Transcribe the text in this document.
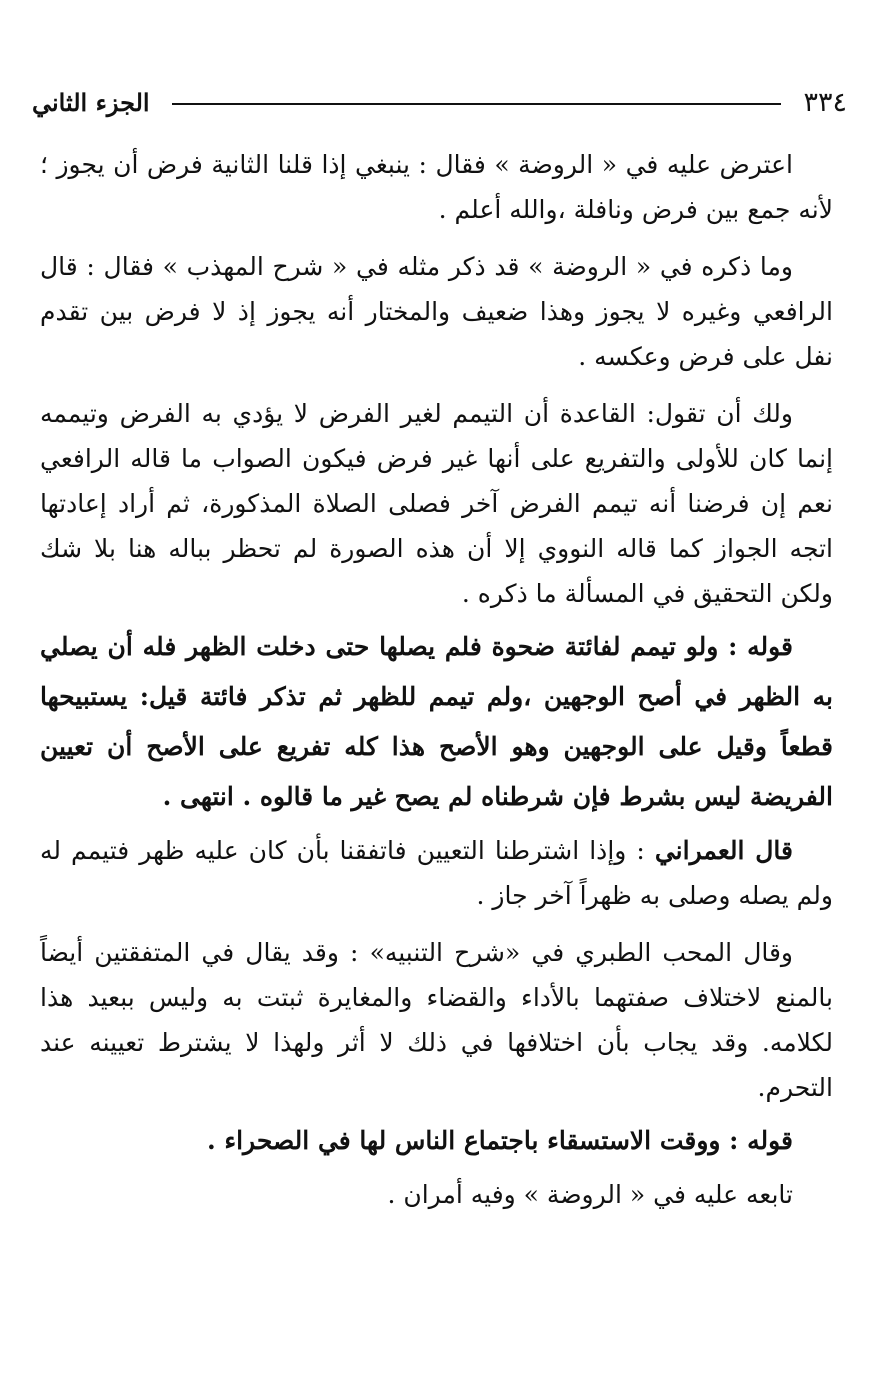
٣٣٤
الجزء الثاني

اعترض عليه في « الروضة » فقال : ينبغي إذا قلنا الثانية فرض أن يجوز ؛ لأنه جمع بين فرض ونافلة ،والله أعلم .

وما ذكره في « الروضة » قد ذكر مثله في « شرح المهذب » فقال : قال الرافعي وغيره لا يجوز وهذا ضعيف والمختار أنه يجوز إذ لا فرض بين تقدم نفل على فرض وعكسه .

ولك أن تقول: القاعدة أن التيمم لغير الفرض لا يؤدي به الفرض وتيممه إنما كان للأولى والتفريع على أنها غير فرض فيكون الصواب ما قاله الرافعي نعم إن فرضنا أنه تيمم الفرض آخر فصلى الصلاة المذكورة، ثم أراد إعادتها اتجه الجواز كما قاله النووي إلا أن هذه الصورة لم تحظر بباله هنا بلا شك ولكن التحقيق في المسألة ما ذكره .

قوله : ولو تيمم لفائتة ضحوة فلم يصلها حتى دخلت الظهر فله أن يصلي به الظهر في أصح الوجهين ،ولم تيمم للظهر ثم تذكر فائتة قيل: يستبيحها قطعاً وقيل على الوجهين وهو الأصح هذا كله تفريع على الأصح أن تعيين الفريضة ليس بشرط فإن شرطناه لم يصح غير ما قالوه . انتهى .

قال العمراني : وإذا اشترطنا التعيين فاتفقنا بأن كان عليه ظهر فتيمم له ولم يصله وصلى به ظهراً آخر جاز .

وقال المحب الطبري في «شرح التنبيه» : وقد يقال في المتفقتين أيضاً بالمنع لاختلاف صفتهما بالأداء والقضاء والمغايرة ثبتت به وليس ببعيد هذا لكلامه. وقد يجاب بأن اختلافها في ذلك لا أثر ولهذا لا يشترط تعيينه عند التحرم.

قوله : ووقت الاستسقاء باجتماع الناس لها في الصحراء .

تابعه عليه في « الروضة » وفيه أمران .
